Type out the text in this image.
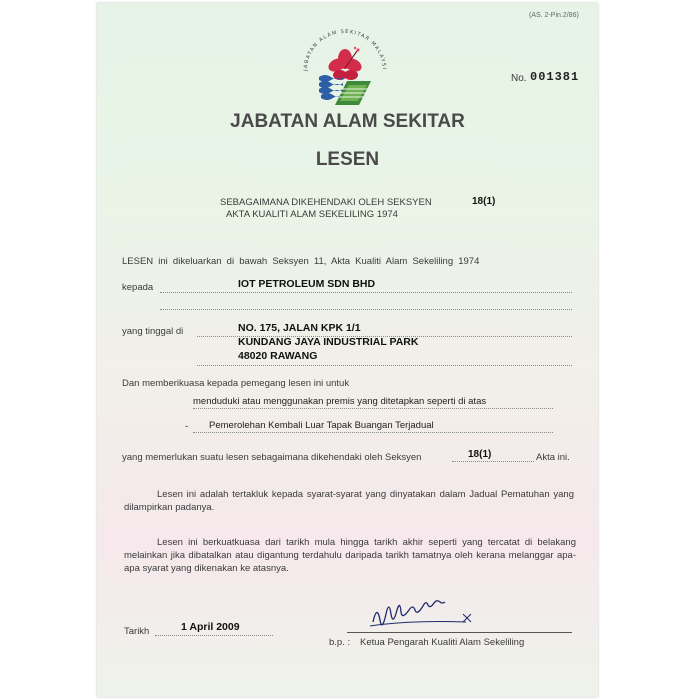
(AS. 2-Pin.2/86)
JABATAN ALAM SEKITAR MALAYSI
No. 001381
JABATAN ALAM SEKITAR
LESEN
SEBAGAIMANA DIKEHENDAKI OLEH SEKSYEN	18(1)
AKTA KUALITI ALAM SEKELILING 1974
LESEN ini dikeluarkan di bawah Seksyen 11, Akta Kualiti Alam Sekeliling 1974
kepada	IOT PETROLEUM SDN BHD
yang tinggal di	NO. 175, JALAN KPK 1/1
KUNDANG JAYA INDUSTRIAL PARK
48020 RAWANG
Dan memberikuasa kepada pemegang lesen ini untuk
menduduki atau menggunakan premis yang ditetapkan seperti di atas
- Pemerolehan Kembali Luar Tapak Buangan Terjadual
yang memerlukan suatu lesen sebagaimana dikehendaki oleh Seksyen	18(1)	Akta ini.
Lesen ini adalah tertakluk kepada syarat-syarat yang dinyatakan dalam Jadual Pematuhan yang dilampirkan padanya.
Lesen ini berkuatkuasa dari tarikh mula hingga tarikh akhir seperti yang tercatat di belakang melainkan jika dibatalkan atau digantung terdahulu daripada tarikh tamatnya oleh kerana melanggar apa-apa syarat yang dikenakan ke atasnya.
Tarikh	1 April 2009
b.p. : Ketua Pengarah Kualiti Alam Sekeliling
